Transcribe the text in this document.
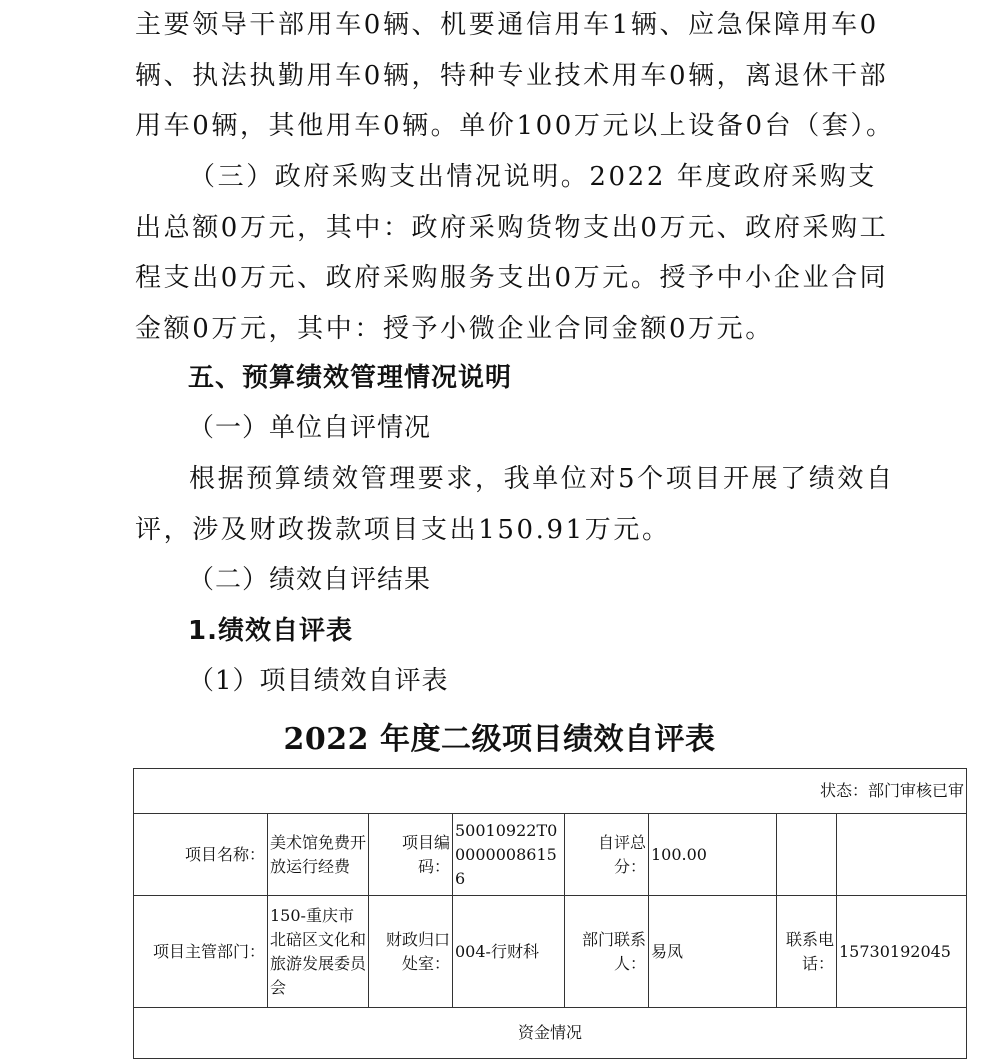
主要领导干部用车0辆、机要通信用车1辆、应急保障用车0辆、执法执勤用车0辆，特种专业技术用车0辆，离退休干部用车0辆，其他用车0辆。单价100万元以上设备0台（套）。

（三）政府采购支出情况说明。2022 年度政府采购支出总额0万元，其中：政府采购货物支出0万元、政府采购工程支出0万元、政府采购服务支出0万元。授予中小企业合同金额0万元，其中：授予小微企业合同金额0万元。

五、预算绩效管理情况说明

（一）单位自评情况

根据预算绩效管理要求，我单位对5个项目开展了绩效自评，涉及财政拨款项目支出150.91万元。

（二）绩效自评结果

1.绩效自评表

（1）项目绩效自评表

2022 年度二级项目绩效自评表
状态：部门审核已审							
项目名称：	美术馆免费开放运行经费	项目编码：	50010922T000000086156	自评总分：	100.00		
项目主管部门：	150-重庆市北碚区文化和旅游发展委员会	财政归口处室：	004-行财科	部门联系人：	易凤	联系电话：	15730192045
资金情况							
